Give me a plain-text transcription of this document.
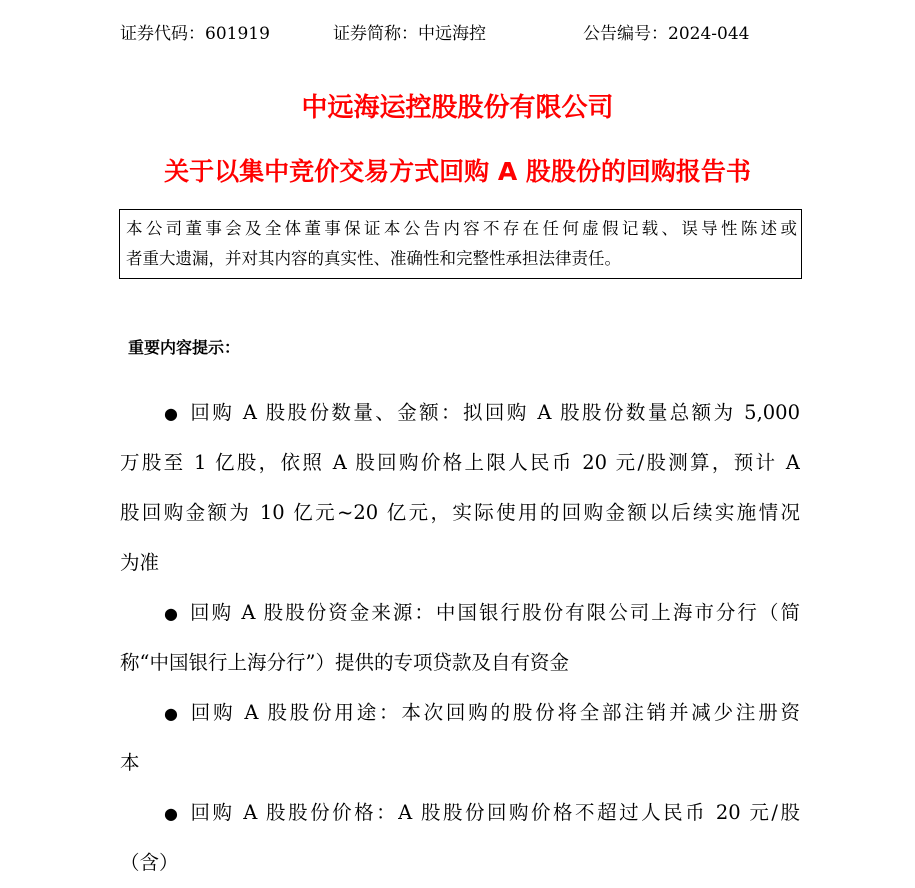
证券代码：601919	证券简称：中远海控	公告编号：2024-044
中远海运控股股份有限公司
关于以集中竞价交易方式回购 A 股股份的回购报告书
本公司董事会及全体董事保证本公告内容不存在任何虚假记载、误导性陈述或
者重大遗漏，并对其内容的真实性、准确性和完整性承担法律责任。
重要内容提示：
● 回购 A 股股份数量、金额：拟回购 A 股股份数量总额为 5,000
万股至 1 亿股，依照 A 股回购价格上限人民币 20 元/股测算，预计 A
股回购金额为 10 亿元~20 亿元，实际使用的回购金额以后续实施情况
为准
● 回购 A 股股份资金来源：中国银行股份有限公司上海市分行（简
称“中国银行上海分行”）提供的专项贷款及自有资金
● 回购 A 股股份用途：本次回购的股份将全部注销并减少注册资
本
● 回购 A 股股份价格：A 股股份回购价格不超过人民币 20 元/股
（含）
